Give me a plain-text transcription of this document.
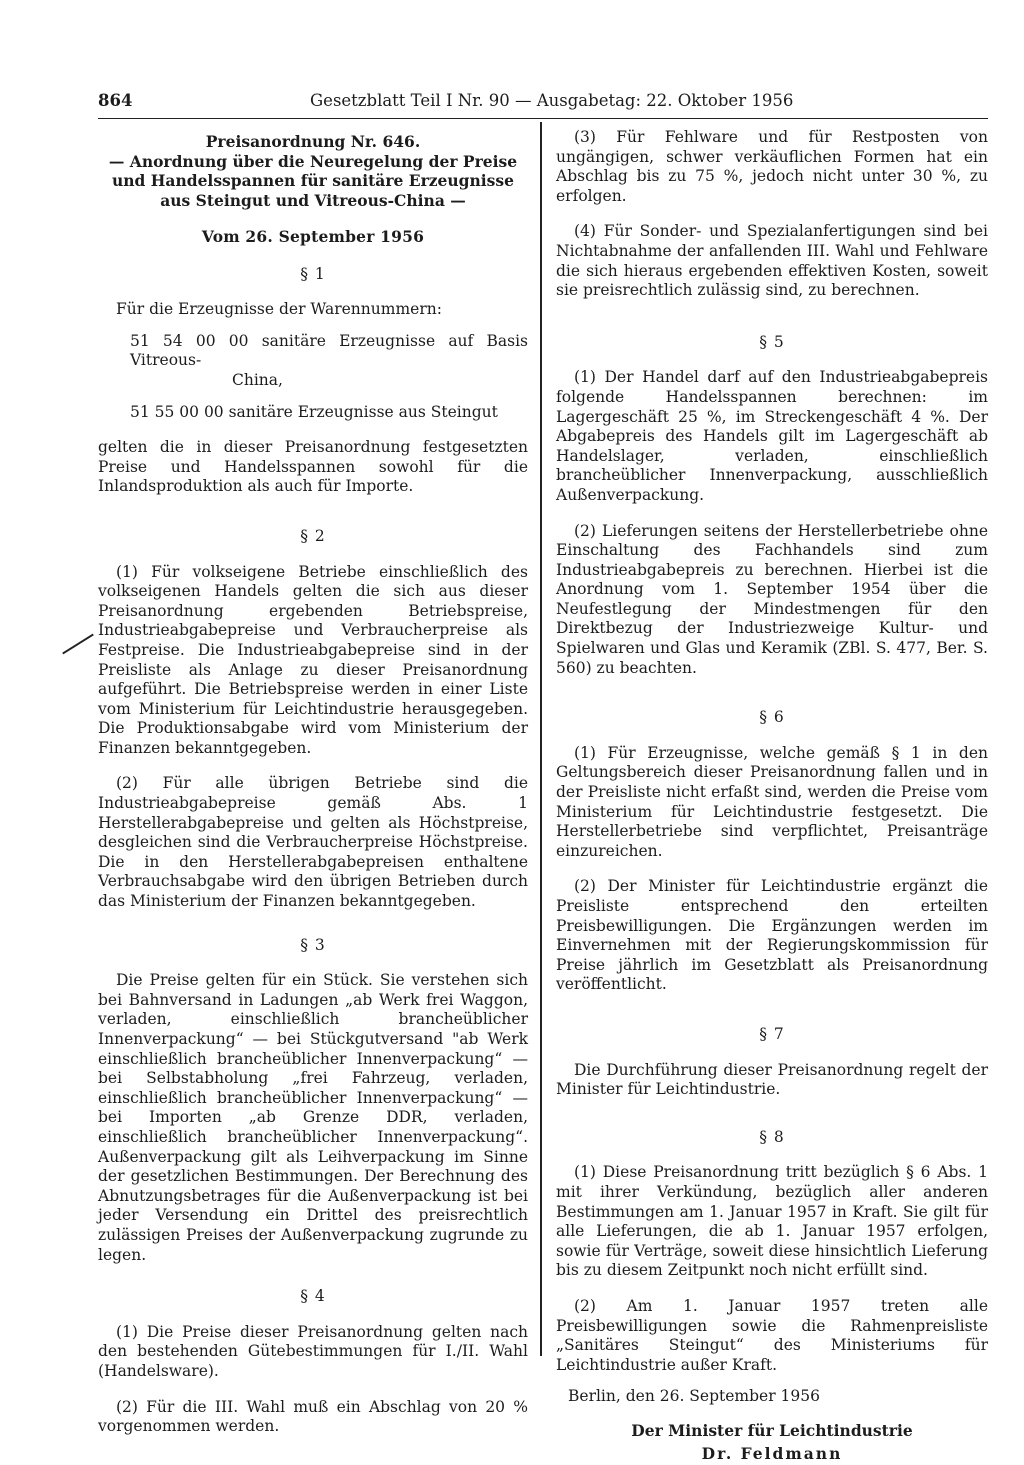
864	Gesetzblatt Teil I Nr. 90 — Ausgabetag: 22. Oktober 1956
Preisanordnung Nr. 646.
— Anordnung über die Neuregelung der Preise und Handelsspannen für sanitäre Erzeugnisse aus Steingut und Vitreous-China —
Vom 26. September 1956
§ 1

Für die Erzeugnisse der Warennummern:

51 54 00 00 sanitäre Erzeugnisse auf Basis Vitreous-
China,

51 55 00 00 sanitäre Erzeugnisse aus Steingut

gelten die in dieser Preisanordnung festgesetzten Preise und Handelsspannen sowohl für die Inlandsproduktion als auch für Importe.

§ 2

(1) Für volkseigene Betriebe einschließlich des volkseigenen Handels gelten die sich aus dieser Preisanordnung ergebenden Betriebspreise, Industrieabgabepreise und Verbraucherpreise als Festpreise. Die Industrieabgabepreise sind in der Preisliste als Anlage zu dieser Preisanordnung aufgeführt. Die Betriebspreise werden in einer Liste vom Ministerium für Leichtindustrie herausgegeben. Die Produktionsabgabe wird vom Ministerium der Finanzen bekanntgegeben.

(2) Für alle übrigen Betriebe sind die Industrieabgabepreise gemäß Abs. 1 Herstellerabgabepreise und gelten als Höchstpreise, desgleichen sind die Verbraucherpreise Höchstpreise. Die in den Herstellerabgabepreisen enthaltene Verbrauchsabgabe wird den übrigen Betrieben durch das Ministerium der Finanzen bekanntgegeben.

§ 3

Die Preise gelten für ein Stück. Sie verstehen sich bei Bahnversand in Ladungen „ab Werk frei Waggon, verladen, einschließlich brancheüblicher Innenverpackung“ — bei Stückgutversand "ab Werk einschließlich brancheüblicher Innenverpackung“ — bei Selbstabholung „frei Fahrzeug, verladen, einschließlich brancheüblicher Innenverpackung“ — bei Importen „ab Grenze DDR, verladen, einschließlich brancheüblicher Innenverpackung“. Außenverpackung gilt als Leihverpackung im Sinne der gesetzlichen Bestimmungen. Der Berechnung des Abnutzungsbetrages für die Außenverpackung ist bei jeder Versendung ein Drittel des preisrechtlich zulässigen Preises der Außenverpackung zugrunde zu legen.

§ 4

(1) Die Preise dieser Preisanordnung gelten nach den bestehenden Gütebestimmungen für I./II. Wahl (Handelsware).

(2) Für die III. Wahl muß ein Abschlag von 20 % vorgenommen werden.

(3) Für Fehlware und für Restposten von ungängigen, schwer verkäuflichen Formen hat ein Abschlag bis zu 75 %, jedoch nicht unter 30 %, zu erfolgen.

(4) Für Sonder- und Spezialanfertigungen sind bei Nichtabnahme der anfallenden III. Wahl und Fehlware die sich hieraus ergebenden effektiven Kosten, soweit sie preisrechtlich zulässig sind, zu berechnen.

§ 5

(1) Der Handel darf auf den Industrieabgabepreis folgende Handelsspannen berechnen: im Lagergeschäft 25 %, im Streckengeschäft 4 %. Der Abgabepreis des Handels gilt im Lagergeschäft ab Handelslager, verladen, einschließlich brancheüblicher Innenverpackung, ausschließlich Außenverpackung.

(2) Lieferungen seitens der Herstellerbetriebe ohne Einschaltung des Fachhandels sind zum Industrieabgabepreis zu berechnen. Hierbei ist die Anordnung vom 1. September 1954 über die Neufestlegung der Mindestmengen für den Direktbezug der Industriezweige Kultur- und Spielwaren und Glas und Keramik (ZBl. S. 477, Ber. S. 560) zu beachten.

§ 6

(1) Für Erzeugnisse, welche gemäß § 1 in den Geltungsbereich dieser Preisanordnung fallen und in der Preisliste nicht erfaßt sind, werden die Preise vom Ministerium für Leichtindustrie festgesetzt. Die Herstellerbetriebe sind verpflichtet, Preisanträge einzureichen.

(2) Der Minister für Leichtindustrie ergänzt die Preisliste entsprechend den erteilten Preisbewilligungen. Die Ergänzungen werden im Einvernehmen mit der Regierungskommission für Preise jährlich im Gesetzblatt als Preisanordnung veröffentlicht.

§ 7

Die Durchführung dieser Preisanordnung regelt der Minister für Leichtindustrie.

§ 8

(1) Diese Preisanordnung tritt bezüglich § 6 Abs. 1 mit ihrer Verkündung, bezüglich aller anderen Bestimmungen am 1. Januar 1957 in Kraft. Sie gilt für alle Lieferungen, die ab 1. Januar 1957 erfolgen, sowie für Verträge, soweit diese hinsichtlich Lieferung bis zu diesem Zeitpunkt noch nicht erfüllt sind.

(2) Am 1. Januar 1957 treten alle Preisbewilligungen sowie die Rahmenpreisliste „Sanitäres Steingut“ des Ministeriums für Leichtindustrie außer Kraft.

Berlin, den 26. September 1956

Der Minister für Leichtindustrie
Dr. Feldmann
